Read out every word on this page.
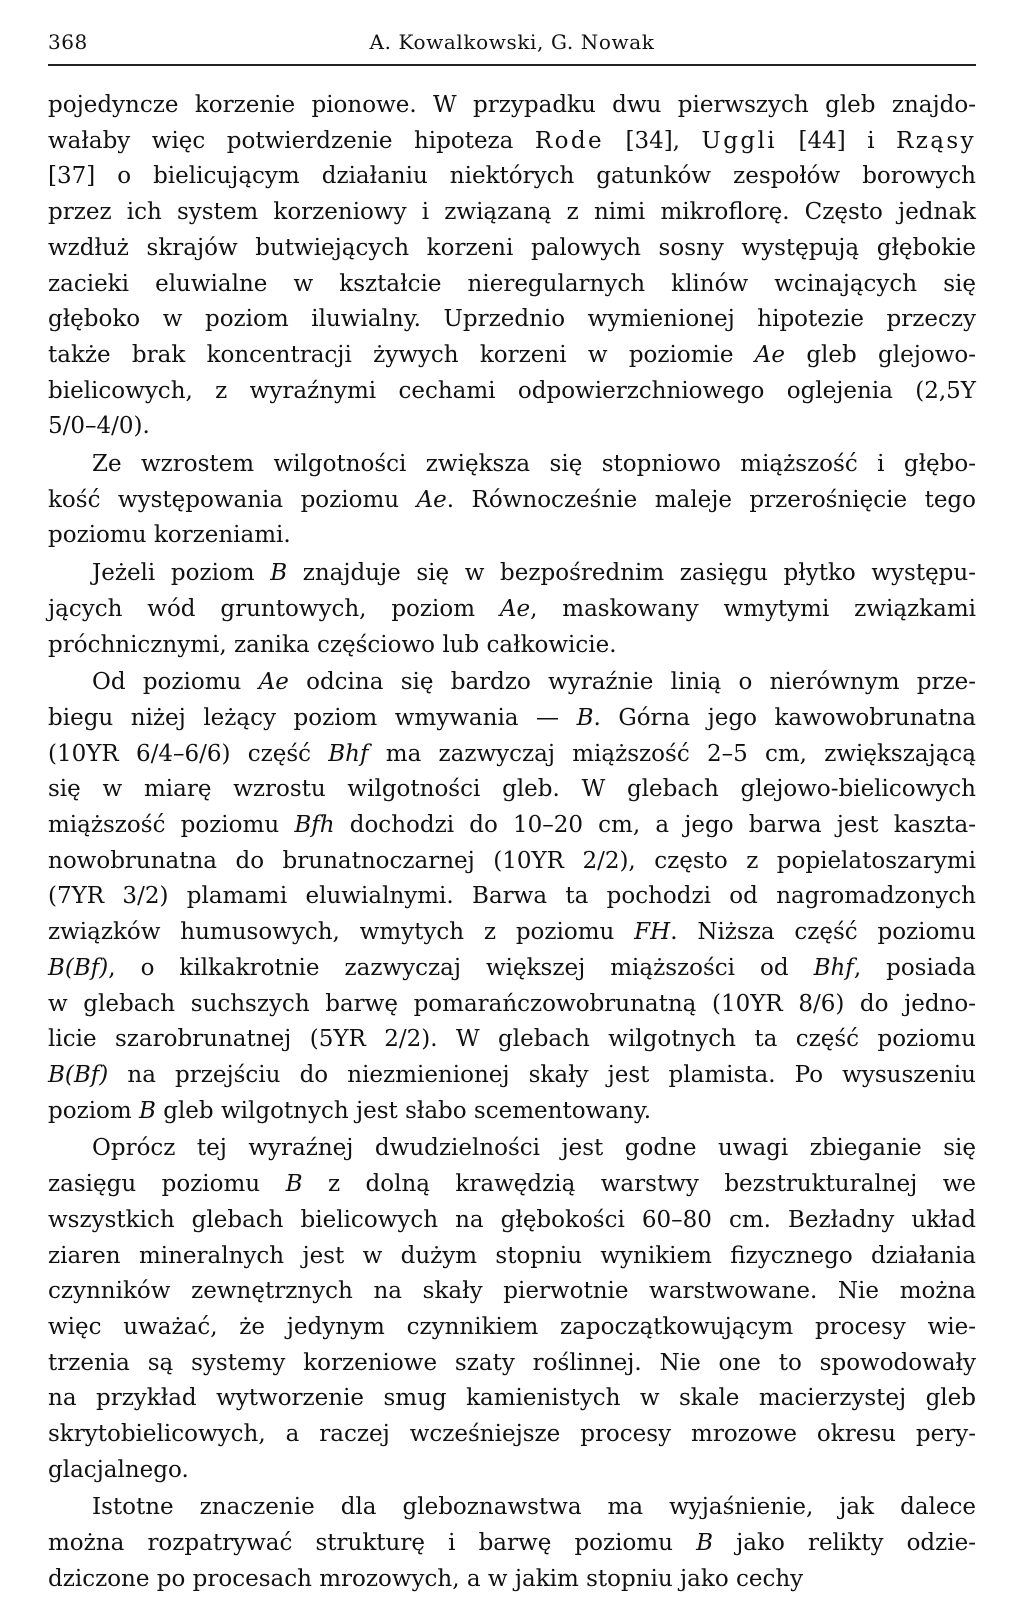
368	A. Kowalkowski, G. Nowak

pojedyncze korzenie pionowe. W przypadku dwu pierwszych gleb znajdo-

wałaby więc potwierdzenie hipoteza Rode [34], Uggli [44] i Rząsy

[37] o bielicującym działaniu niektórych gatunków zespołów borowych

przez ich system korzeniowy i związaną z nimi mikroflorę. Często jednak

wzdłuż skrajów butwiejących korzeni palowych sosny występują głębokie

zacieki eluwialne w kształcie nieregularnych klinów wcinających się

głęboko w poziom iluwialny. Uprzednio wymienionej hipotezie przeczy

także brak koncentracji żywych korzeni w poziomie Ae gleb glejowo-

bielicowych, z wyraźnymi cechami odpowierzchniowego oglejenia (2,5Y

5/0–4/0).

Ze wzrostem wilgotności zwiększa się stopniowo miąższość i głębo-

kość występowania poziomu Ae. Równocześnie maleje przerośnięcie tego

poziomu korzeniami.

Jeżeli poziom B znajduje się w bezpośrednim zasięgu płytko występu-

jących wód gruntowych, poziom Ae, maskowany wmytymi związkami

próchnicznymi, zanika częściowo lub całkowicie.

Od poziomu Ae odcina się bardzo wyraźnie linią o nierównym prze-

biegu niżej leżący poziom wmywania — B. Górna jego kawowobrunatna

(10YR 6/4–6/6) część Bhf ma zazwyczaj miąższość 2–5 cm, zwiększającą

się w miarę wzrostu wilgotności gleb. W glebach glejowo-bielicowych

miąższość poziomu Bfh dochodzi do 10–20 cm, a jego barwa jest kaszta-

nowobrunatna do brunatnoczarnej (10YR 2/2), często z popielatoszarymi

(7YR 3/2) plamami eluwialnymi. Barwa ta pochodzi od nagromadzonych

związków humusowych, wmytych z poziomu FH. Niższa część poziomu

B(Bf), o kilkakrotnie zazwyczaj większej miąższości od Bhf, posiada

w glebach suchszych barwę pomarańczowobrunatną (10YR 8/6) do jedno-

licie szarobrunatnej (5YR 2/2). W glebach wilgotnych ta część poziomu

B(Bf) na przejściu do niezmienionej skały jest plamista. Po wysuszeniu

poziom B gleb wilgotnych jest słabo scementowany.

Oprócz tej wyraźnej dwudzielności jest godne uwagi zbieganie się

zasięgu poziomu B z dolną krawędzią warstwy bezstrukturalnej we

wszystkich glebach bielicowych na głębokości 60–80 cm. Bezładny układ

ziaren mineralnych jest w dużym stopniu wynikiem fizycznego działania

czynników zewnętrznych na skały pierwotnie warstwowane. Nie można

więc uważać, że jedynym czynnikiem zapoczątkowującym procesy wie-

trzenia są systemy korzeniowe szaty roślinnej. Nie one to spowodowały

na przykład wytworzenie smug kamienistych w skale macierzystej gleb

skrytobielicowych, a raczej wcześniejsze procesy mrozowe okresu pery-

glacjalnego.

Istotne znaczenie dla gleboznawstwa ma wyjaśnienie, jak dalece

można rozpatrywać strukturę i barwę poziomu B jako relikty odzie-

dziczone po procesach mrozowych, a w jakim stopniu jako cechy
